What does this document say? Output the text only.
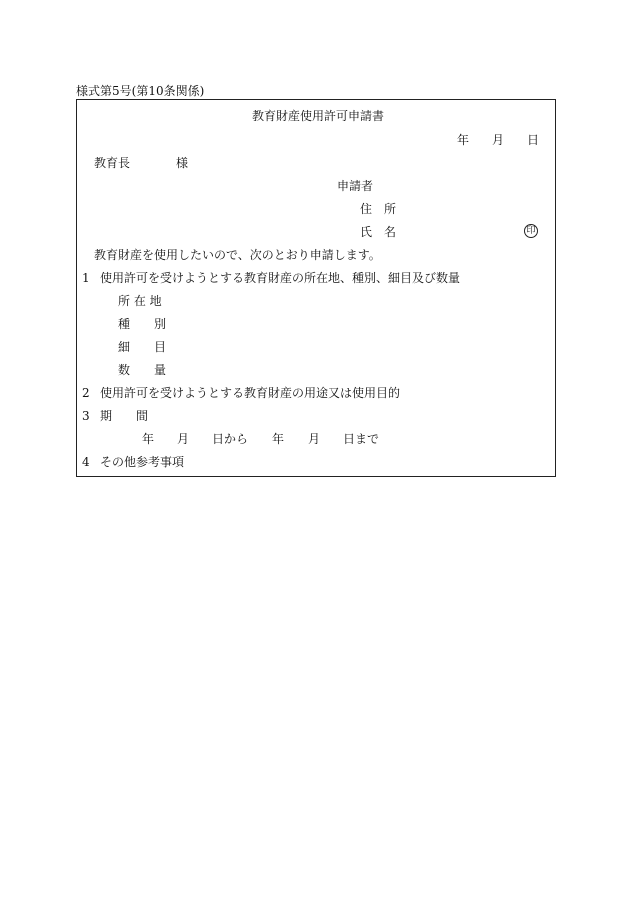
様式第5号(第10条関係)
教育財産使用許可申請書
年 月 日
教育長	様
申請者
住　所
氏　名	印
教育財産を使用したいので、次のとおり申請します。
1 使用許可を受けようとする教育財産の所在地、種別、細目及び数量
所 在 地
種　　別
細　　目
数　　量
2 使用許可を受けようとする教育財産の用途又は使用目的
3 期　　間
年 月 日から 年 月 日まで
4 その他参考事項
